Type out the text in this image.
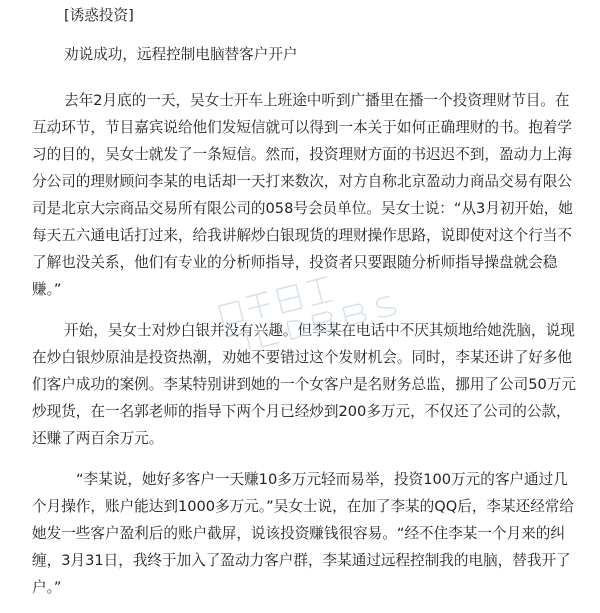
[诱惑投资]

劝说成功，远程控制电脑替客户开户

去年2月底的一天，吴女士开车上班途中听到广播里在播一个投资理财节目。在互动环节，节目嘉宾说给他们发短信就可以得到一本关于如何正确理财的书。抱着学习的目的，吴女士就发了一条短信。然而，投资理财方面的书迟迟不到，盈动力上海分公司的理财顾问李某的电话却一天打来数次，对方自称北京盈动力商品交易有限公司是北京大宗商品交易所有限公司的058号会员单位。吴女士说：“从3月初开始，她每天五六通电话打过来，给我讲解炒白银现货的理财操作思路，说即使对这个行当不了解也没关系，他们有专业的分析师指导，投资者只要跟随分析师指导操盘就会稳赚。”

开始，吴女士对炒白银并没有兴趣。但李某在电话中不厌其烦地给她洗脑，说现在炒白银炒原油是投资热潮，劝她不要错过这个发财机会。同时，李某还讲了好多他们客户成功的案例。李某特别讲到她的一个女客户是名财务总监，挪用了公司50万元炒现货，在一名郭老师的指导下两个月已经炒到200多万元，不仅还了公司的公款，还赚了两百余万元。

“李某说，她好多客户一天赚10多万元轻而易举，投资100万元的客户通过几个月操作，账户能达到1000多万元。”吴女士说，在加了李某的QQ后，李某还经常给她发一些客户盈利后的账户截屏，说该投资赚钱很容易。“经不住李某一个月来的纠缠，3月31日，我终于加入了盈动力客户群，李某通过远程控制我的电脑，替我开了户。”
